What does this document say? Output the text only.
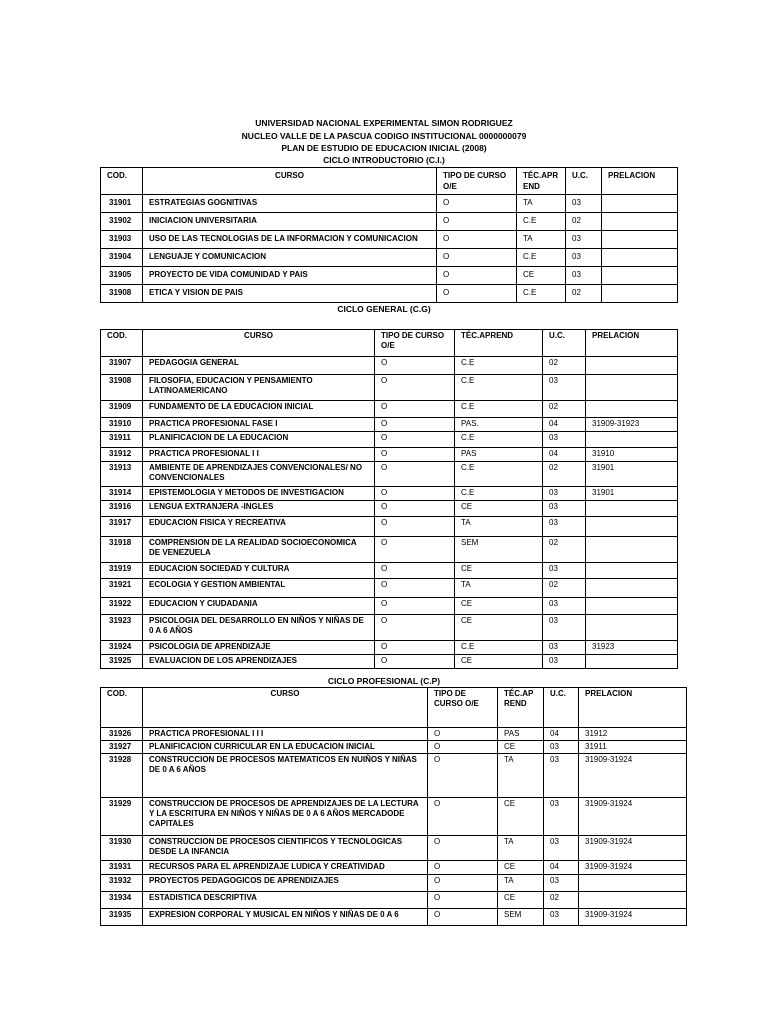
UNIVERSIDAD NACIONAL EXPERIMENTAL SIMON RODRIGUEZ
NUCLEO VALLE DE LA PASCUA CODIGO INSTITUCIONAL 0000000079
PLAN DE ESTUDIO DE EDUCACION INICIAL (2008)
CICLO INTRODUCTORIO (C.I.)
COD.	CURSO	TIPO DE CURSO O/E	TÉC.APR END	U.C.	PRELACION
31901	ESTRATEGIAS GOGNITIVAS	O	TA	03	
31902	INICIACION UNIVERSITARIA	O	C.E	02	
31903	USO DE LAS TECNOLOGIAS DE LA INFORMACION Y COMUNICACION	O	TA	03	
31904	LENGUAJE Y COMUNICACION	O	C.E	03	
31905	PROYECTO DE VIDA COMUNIDAD Y PAIS	O	CE	03	
31908	ETICA Y VISION DE PAIS	O	C.E	02	
CICLO GENERAL (C.G)
COD.	CURSO	TIPO DE CURSO O/E	TÉC.APREND	U.C.	PRELACION
31907	PEDAGOGIA GENERAL	O	C.E	02	
31908	FILOSOFIA, EDUCACION Y PENSAMIENTO LATINOAMERICANO	O	C.E	03	
31909	FUNDAMENTO DE LA EDUCACION INICIAL	O	C.E	02	
31910	PRACTICA PROFESIONAL FASE I	O	PAS.	04	31909-31923
31911	PLANIFICACION DE LA EDUCACION	O	C.E	03	
31912	PRACTICA PROFESIONAL I I	O	PAS	04	31910
31913	AMBIENTE DE APRENDIZAJES CONVENCIONALES/ NO CONVENCIONALES	O	C.E	02	31901
31914	EPISTEMOLOGIA Y METODOS DE INVESTIGACION	O	C.E	03	31901
31916	LENGUA EXTRANJERA -INGLES	O	CE	03	
31917	EDUCACION FISICA Y RECREATIVA	O	TA	03	
31918	COMPRENSION DE LA REALIDAD SOCIOECONOMICA DE VENEZUELA	O	SEM	02	
31919	EDUCACION SOCIEDAD Y CULTURA	O	CE	03	
31921	ECOLOGIA Y GESTION AMBIENTAL	O	TA	02	
31922	EDUCACION Y CIUDADANIA	O	CE	03	
31923	PSICOLOGIA DEL DESARROLLO EN NIÑOS Y NIÑAS DE 0 A 6 AÑOS	O	CE	03	
31924	PSICOLOGIA DE APRENDIZAJE	O	C.E	03	31923
31925	EVALUACION DE LOS APRENDIZAJES	O	CE	03	
CICLO PROFESIONAL (C.P)
COD.	CURSO	TIPO DE CURSO O/E	TÉC.AP REND	U.C.	PRELACION
31926	PRACTICA PROFESIONAL I I I	O	PAS	04	31912
31927	PLANIFICACION CURRICULAR EN LA EDUCACION INICIAL	O	CE	03	31911
31928	CONSTRUCCION DE PROCESOS MATEMATICOS EN NUIÑOS Y NIÑAS DE 0 A 6 AÑOS	O	TA	03	31909-31924
31929	CONSTRUCCION DE PROCESOS DE APRENDIZAJES DE LA LECTURA Y LA ESCRITURA EN NIÑOS Y NIÑAS DE 0 A 6 AÑOS MERCADODE CAPITALES	O	CE	03	31909-31924
31930	CONSTRUCCION DE PROCESOS CIENTIFICOS Y TECNOLOGICAS DESDE LA INFANCIA	O	TA	03	31909-31924
31931	RECURSOS PARA EL APRENDIZAJE LUDICA Y CREATIVIDAD	O	CE	04	31909-31924
31932	PROYECTOS PEDAGOGICOS DE APRENDIZAJES	O	TA	03	
31934	ESTADISTICA DESCRIPTIVA	O	CE	02	
31935	EXPRESION CORPORAL Y MUSICAL EN NIÑOS Y NIÑAS DE 0 A 6	O	SEM	03	31909-31924
